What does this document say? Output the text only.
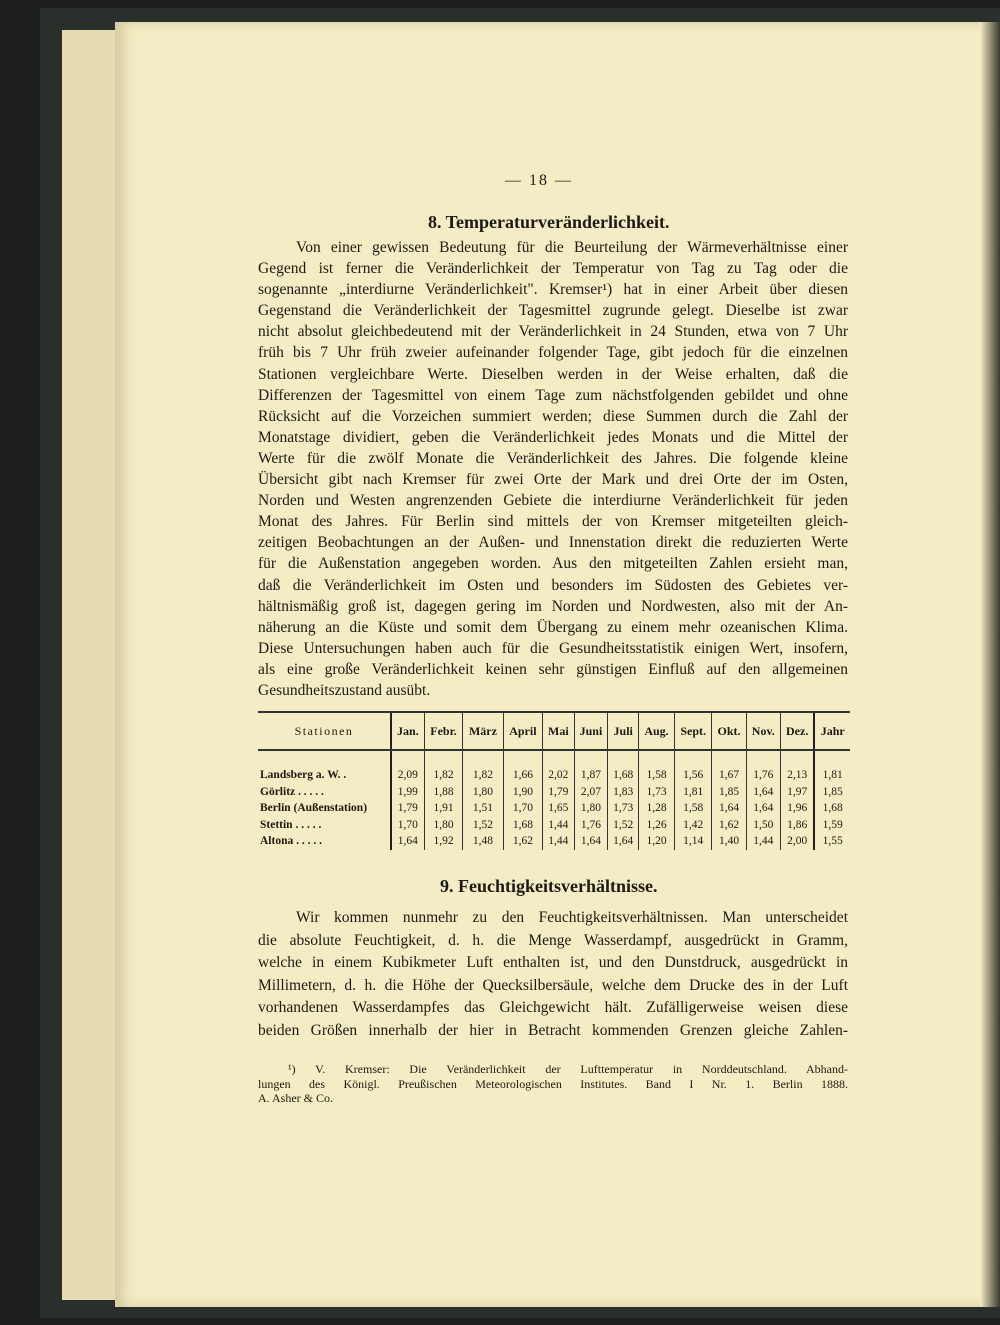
— 18 —
8. Temperaturveränderlichkeit.
Von einer gewissen Bedeutung für die Beurteilung der Wärmeverhältnisse einer
Gegend ist ferner die Veränderlichkeit der Temperatur von Tag zu Tag oder die
sogenannte „interdiurne Veränderlichkeit". Kremser¹) hat in einer Arbeit über diesen
Gegenstand die Veränderlichkeit der Tagesmittel zugrunde gelegt. Dieselbe ist zwar
nicht absolut gleichbedeutend mit der Veränderlichkeit in 24 Stunden, etwa von 7 Uhr
früh bis 7 Uhr früh zweier aufeinander folgender Tage, gibt jedoch für die einzelnen
Stationen vergleichbare Werte. Dieselben werden in der Weise erhalten, daß die
Differenzen der Tagesmittel von einem Tage zum nächstfolgenden gebildet und ohne
Rücksicht auf die Vorzeichen summiert werden; diese Summen durch die Zahl der
Monatstage dividiert, geben die Veränderlichkeit jedes Monats und die Mittel der
Werte für die zwölf Monate die Veränderlichkeit des Jahres. Die folgende kleine
Übersicht gibt nach Kremser für zwei Orte der Mark und drei Orte der im Osten,
Norden und Westen angrenzenden Gebiete die interdiurne Veränderlichkeit für jeden
Monat des Jahres. Für Berlin sind mittels der von Kremser mitgeteilten gleich-
zeitigen Beobachtungen an der Außen- und Innenstation direkt die reduzierten Werte
für die Außenstation angegeben worden. Aus den mitgeteilten Zahlen ersieht man,
daß die Veränderlichkeit im Osten und besonders im Südosten des Gebietes ver-
hältnismäßig groß ist, dagegen gering im Norden und Nordwesten, also mit der An-
näherung an die Küste und somit dem Übergang zu einem mehr ozeanischen Klima.
Diese Untersuchungen haben auch für die Gesundheitsstatistik einigen Wert, insofern,
als eine große Veränderlichkeit keinen sehr günstigen Einfluß auf den allgemeinen
Gesundheitszustand ausübt.
Stationen	Jan.	Febr.	März	April	Mai	Juni	Juli	Aug.	Sept.	Okt.	Nov.	Dez.	Jahr
Landsberg a. W. .	2,09	1,82	1,82	1,66	2,02	1,87	1,68	1,58	1,56	1,67	1,76	2,13	1,81
Görlitz . . . . .	1,99	1,88	1,80	1,90	1,79	2,07	1,83	1,73	1,81	1,85	1,64	1,97	1,85
Berlin (Außenstation)	1,79	1,91	1,51	1,70	1,65	1,80	1,73	1,28	1,58	1,64	1,64	1,96	1,68
Stettin . . . . .	1,70	1,80	1,52	1,68	1,44	1,76	1,52	1,26	1,42	1,62	1,50	1,86	1,59
Altona . . . . .	1,64	1,92	1,48	1,62	1,44	1,64	1,64	1,20	1,14	1,40	1,44	2,00	1,55
9. Feuchtigkeitsverhältnisse.
Wir kommen nunmehr zu den Feuchtigkeitsverhältnissen. Man unterscheidet
die absolute Feuchtigkeit, d. h. die Menge Wasserdampf, ausgedrückt in Gramm,
welche in einem Kubikmeter Luft enthalten ist, und den Dunstdruck, ausgedrückt in
Millimetern, d. h. die Höhe der Quecksilbersäule, welche dem Drucke des in der Luft
vorhandenen Wasserdampfes das Gleichgewicht hält. Zufälligerweise weisen diese
beiden Größen innerhalb der hier in Betracht kommenden Grenzen gleiche Zahlen-
¹) V. Kremser: Die Veränderlichkeit der Lufttemperatur in Norddeutschland. Abhand-
lungen des Königl. Preußischen Meteorologischen Institutes. Band I Nr. 1. Berlin 1888.
A. Asher & Co.
